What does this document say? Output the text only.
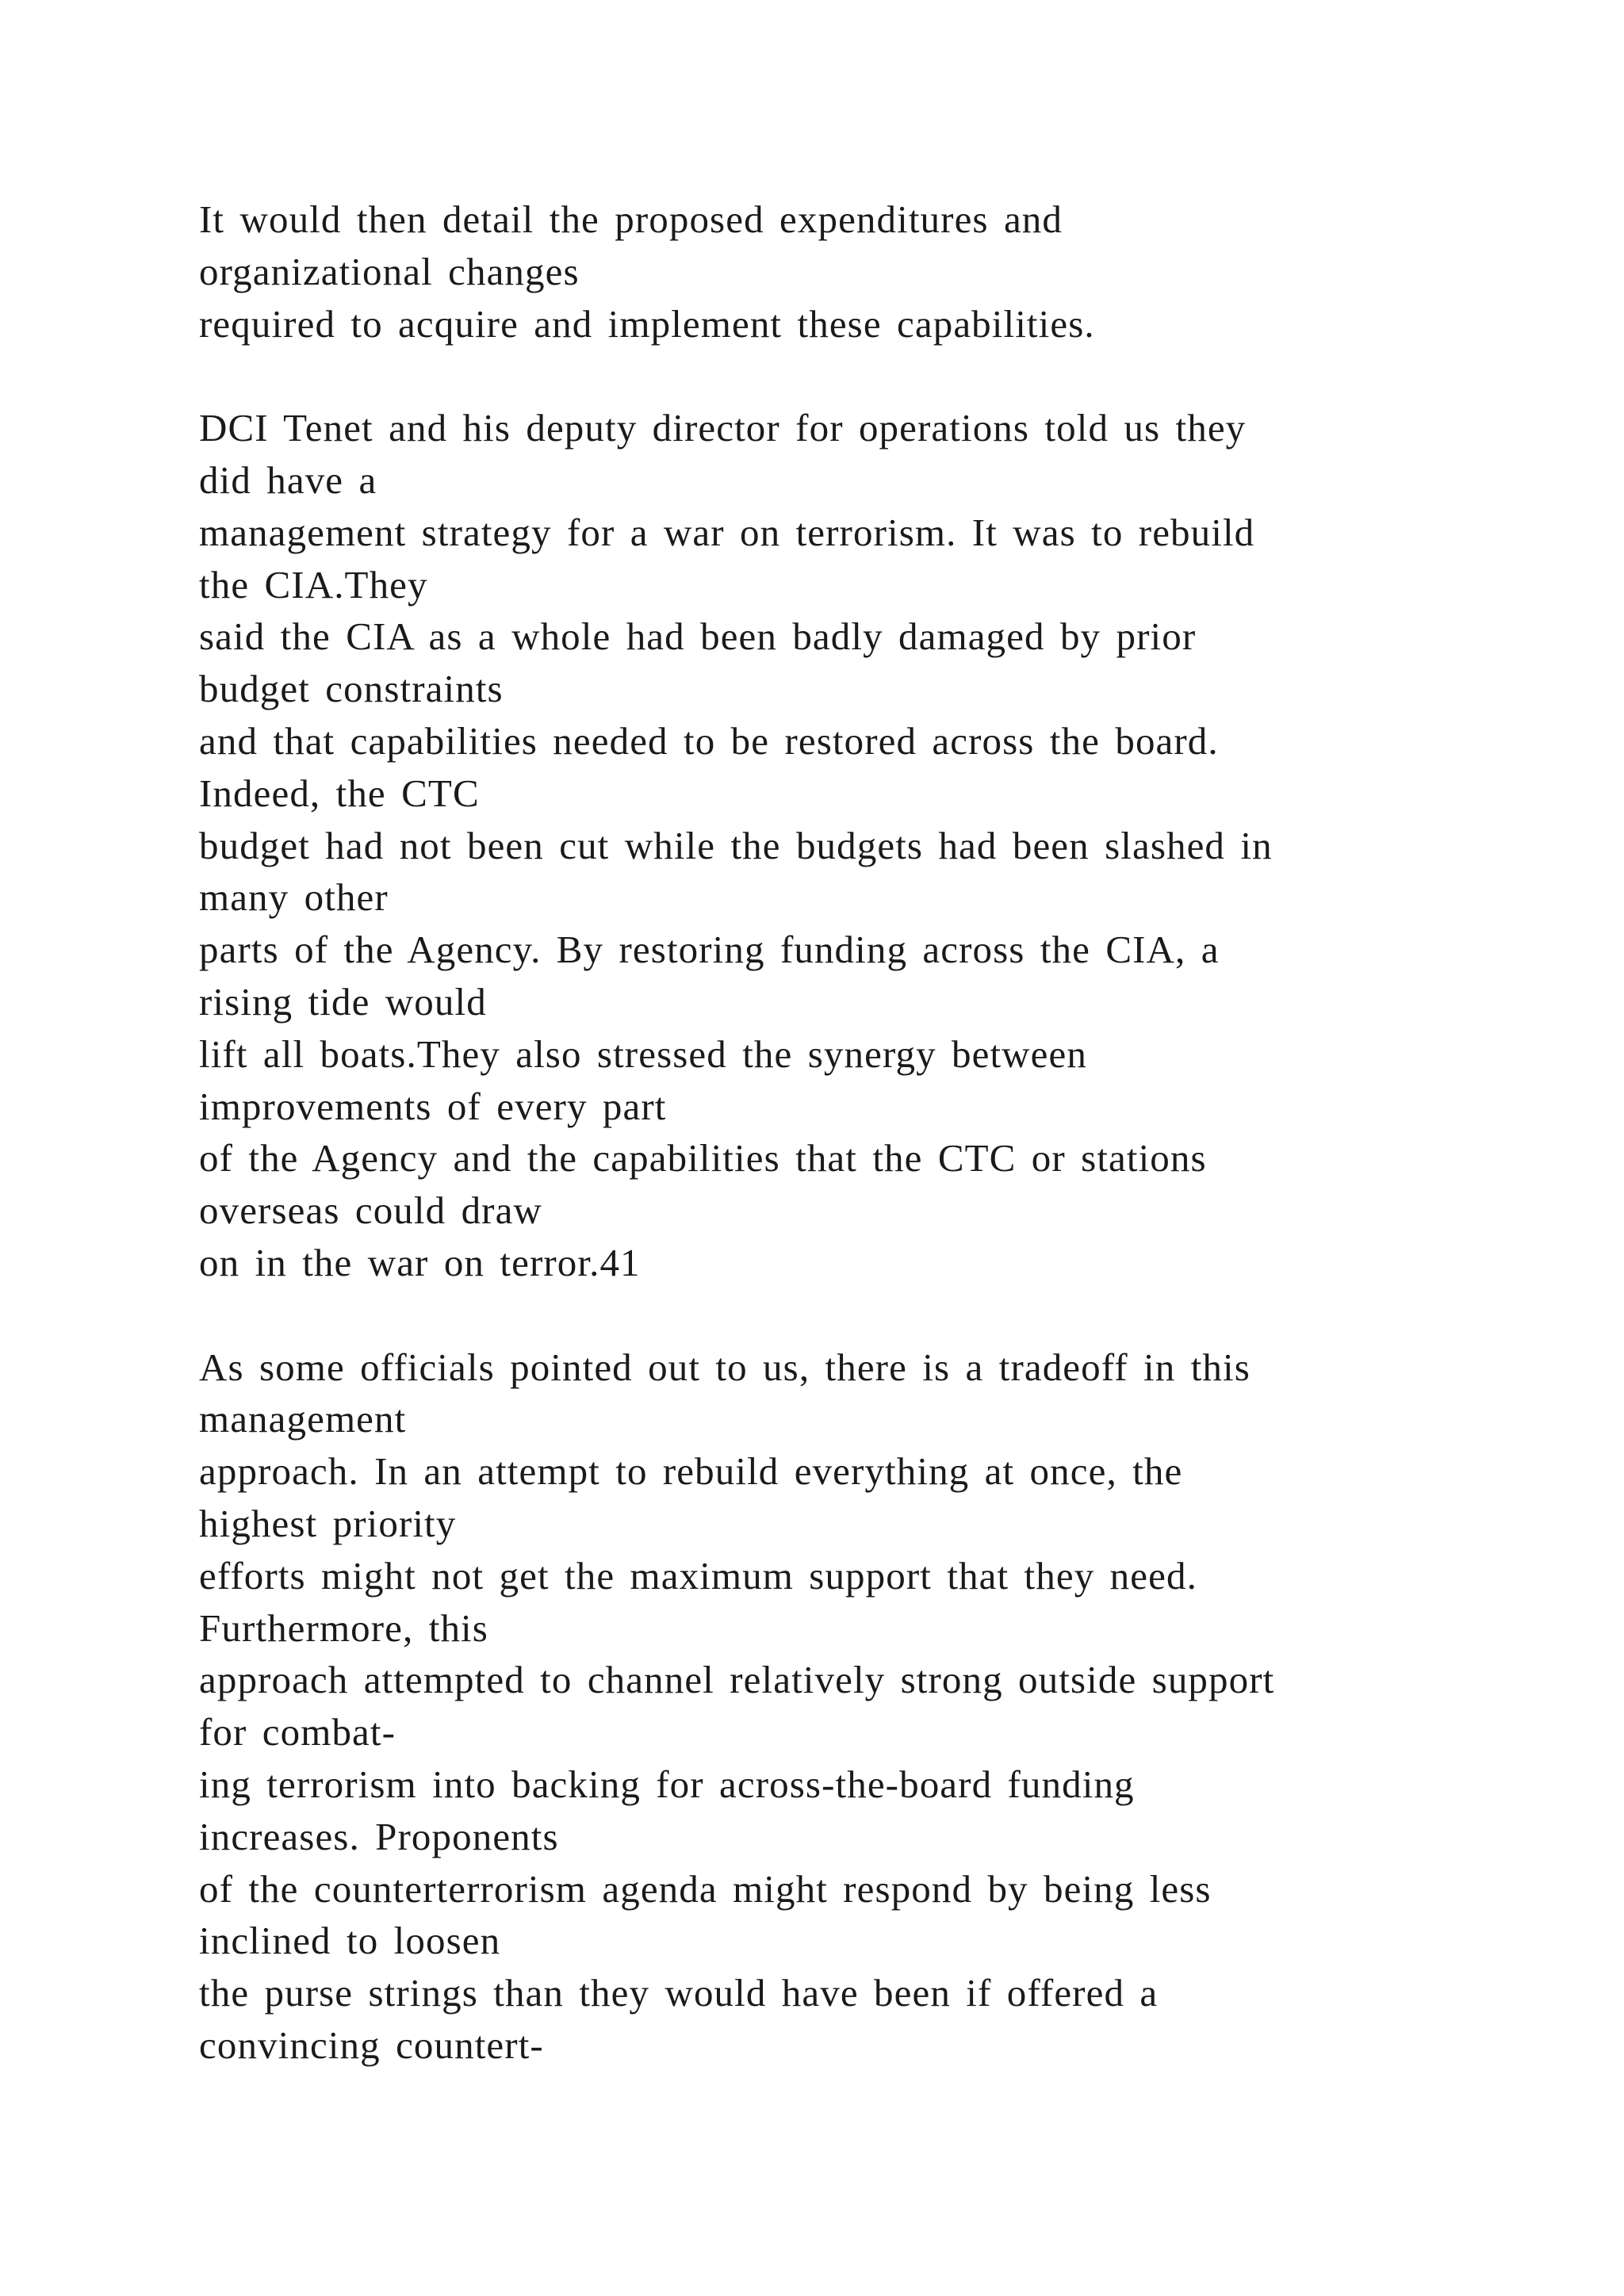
It would then detail the proposed expenditures and
organizational changes
required to acquire and implement these capabilities.

DCI Tenet and his deputy director for operations told us they
did have a
management strategy for a war on terrorism. It was to rebuild
the CIA.They
said the CIA as a whole had been badly damaged by prior
budget constraints
and that capabilities needed to be restored across the board.
Indeed, the CTC
budget had not been cut while the budgets had been slashed in
many other
parts of the Agency. By restoring funding across the CIA, a
rising tide would
lift all boats.They also stressed the synergy between
improvements of every part
of the Agency and the capabilities that the CTC or stations
overseas could draw
on in the war on terror.41

As some officials pointed out to us, there is a tradeoff in this
management
approach. In an attempt to rebuild everything at once, the
highest priority
efforts might not get the maximum support that they need.
Furthermore, this
approach attempted to channel relatively strong outside support
for combat-
ing terrorism into backing for across-the-board funding
increases. Proponents
of the counterterrorism agenda might respond by being less
inclined to loosen
the purse strings than they would have been if offered a
convincing countert-
